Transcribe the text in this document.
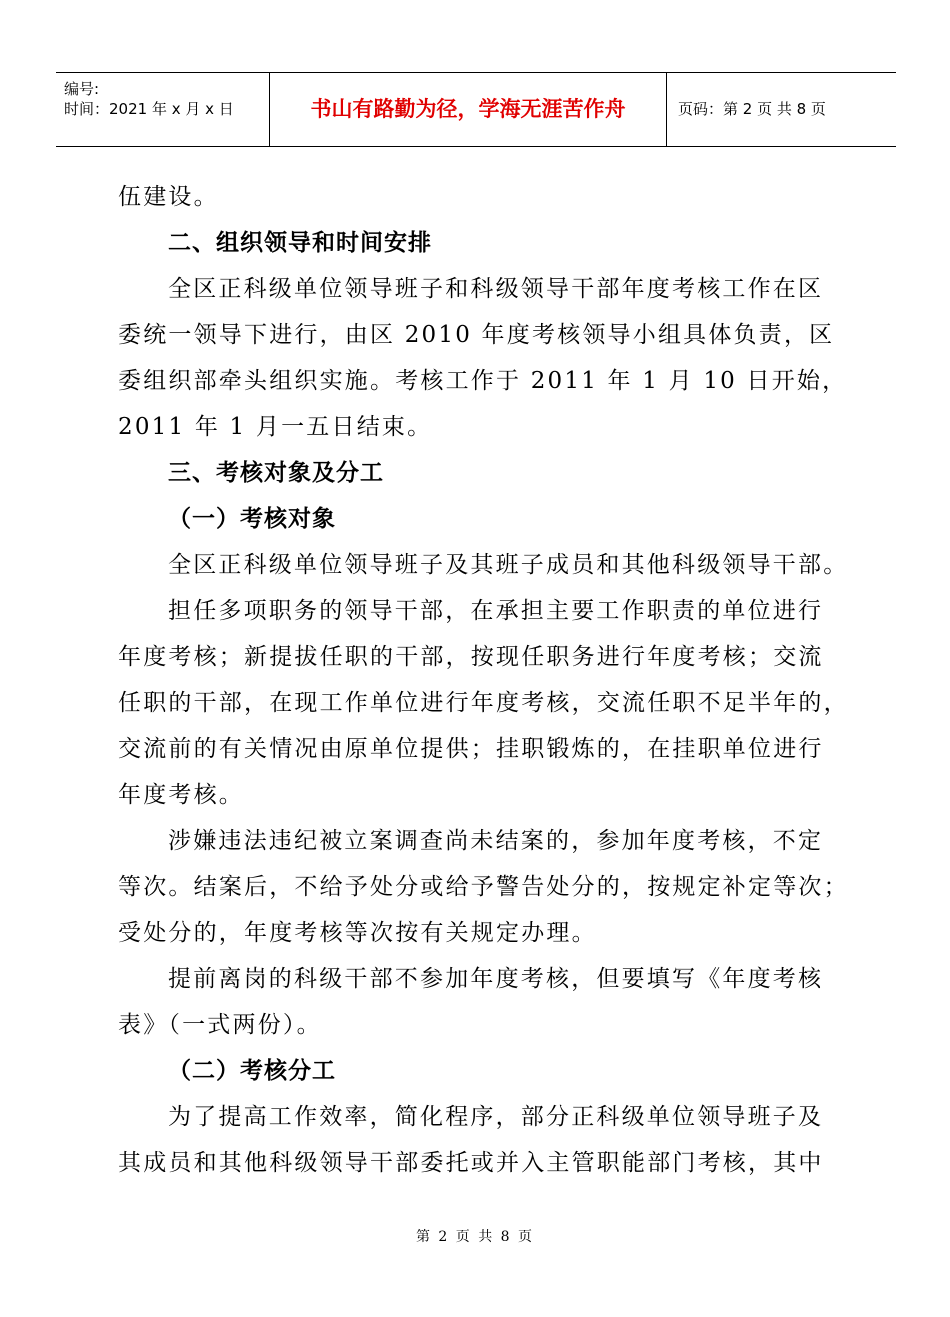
编号:
时间：2021 年 x 月 x 日	书山有路勤为径，学海无涯苦作舟	页码：第 2 页 共 8 页
伍建设。
二、组织领导和时间安排
全区正科级单位领导班子和科级领导干部年度考核工作在区
委统一领导下进行，由区 2010 年度考核领导小组具体负责，区
委组织部牵头组织实施。考核工作于 2011 年 1 月 10 日开始，
2011 年 1 月一五日结束。
三、考核对象及分工
（一）考核对象
全区正科级单位领导班子及其班子成员和其他科级领导干部。
担任多项职务的领导干部，在承担主要工作职责的单位进行
年度考核；新提拔任职的干部，按现任职务进行年度考核；交流
任职的干部，在现工作单位进行年度考核，交流任职不足半年的，
交流前的有关情况由原单位提供；挂职锻炼的，在挂职单位进行
年度考核。
涉嫌违法违纪被立案调查尚未结案的，参加年度考核，不定
等次。结案后，不给予处分或给予警告处分的，按规定补定等次；
受处分的，年度考核等次按有关规定办理。
提前离岗的科级干部不参加年度考核，但要填写《年度考核
表》（一式两份）。
（二）考核分工
为了提高工作效率，简化程序，部分正科级单位领导班子及
其成员和其他科级领导干部委托或并入主管职能部门考核，其中
第 2 页 共 8 页
